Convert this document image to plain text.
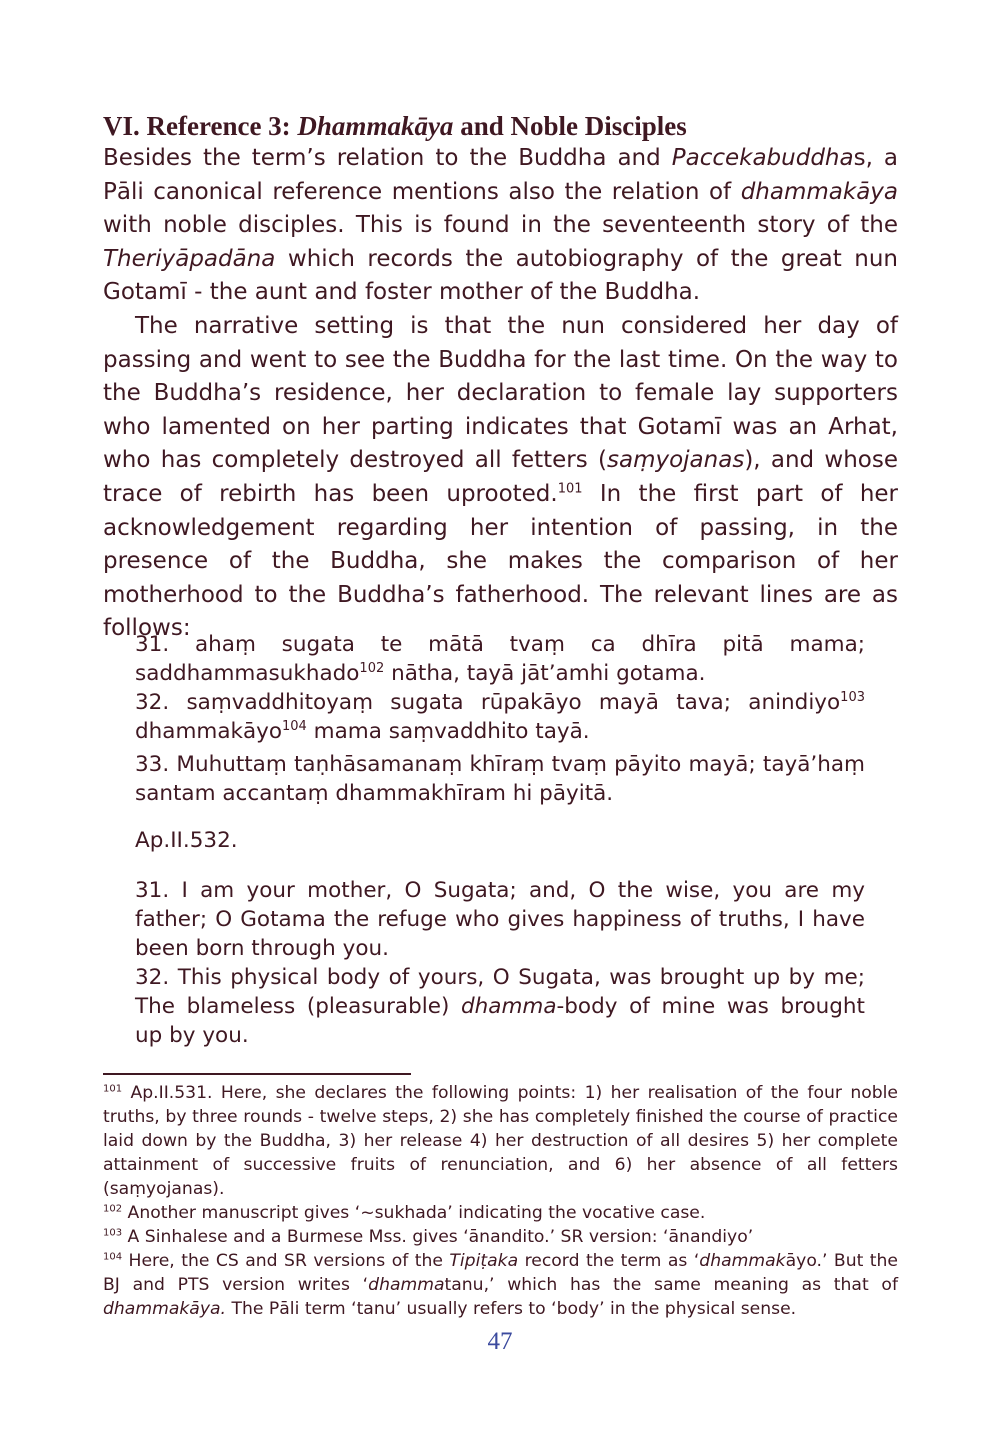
VI. Reference 3: Dhammakāya and Noble Disciples

Besides the term’s relation to the Buddha and Paccekabuddhas, a Pāli canonical reference mentions also the relation of dhammakāya with noble disciples. This is found in the seventeenth story of the Theriyāpadāna which records the autobiography of the great nun Gotamī - the aunt and foster mother of the Buddha.

The narrative setting is that the nun considered her day of passing and went to see the Buddha for the last time. On the way to the Buddha’s residence, her declaration to female lay supporters who lamented on her parting indicates that Gotamī was an Arhat, who has completely destroyed all fetters (saṃyojanas), and whose trace of rebirth has been uprooted.$^{101}$ In the first part of her acknowledgement regarding her intention of passing, in the presence of the Buddha, she makes the comparison of her motherhood to the Buddha’s fatherhood. The relevant lines are as follows:

31. ahaṃ sugata te mātā tvaṃ ca dhīra pitā mama; saddhammasukhado$^{102}$ nātha, tayā jāt’amhi gotama.

32. saṃvaddhitoyaṃ sugata rūpakāyo mayā tava; anindiyo$^{103}$ dhammakāyo$^{104}$ mama saṃvaddhito tayā.

33. Muhuttaṃ taṇhāsamanaṃ khīraṃ tvaṃ pāyito mayā; tayā’haṃ santam accantaṃ dhammakhīram hi pāyitā.

Ap.II.532.

31. I am your mother, O Sugata; and, O the wise, you are my father; O Gotama the refuge who gives happiness of truths, I have been born through you.

32. This physical body of yours, O Sugata, was brought up by me; The blameless (pleasurable) dhamma-body of mine was brought up by you.

$^{101}$ Ap.II.531. Here, she declares the following points: 1) her realisation of the four noble truths, by three rounds - twelve steps, 2) she has completely finished the course of practice laid down by the Buddha, 3) her release 4) her destruction of all desires 5) her complete attainment of successive fruits of renunciation, and 6) her absence of all fetters (saṃyojanas).

$^{102}$ Another manuscript gives ‘~sukhada’ indicating the vocative case.

$^{103}$ A Sinhalese and a Burmese Mss. gives ‘ānandito.’ SR version: ‘ānandiyo’

$^{104}$ Here, the CS and SR versions of the Tipiṭaka record the term as ‘dhammakāyo.’ But the BJ and PTS version writes ‘dhammatanu,’ which has the same meaning as that of dhammakāya. The Pāli term ‘tanu’ usually refers to ‘body’ in the physical sense.

47
